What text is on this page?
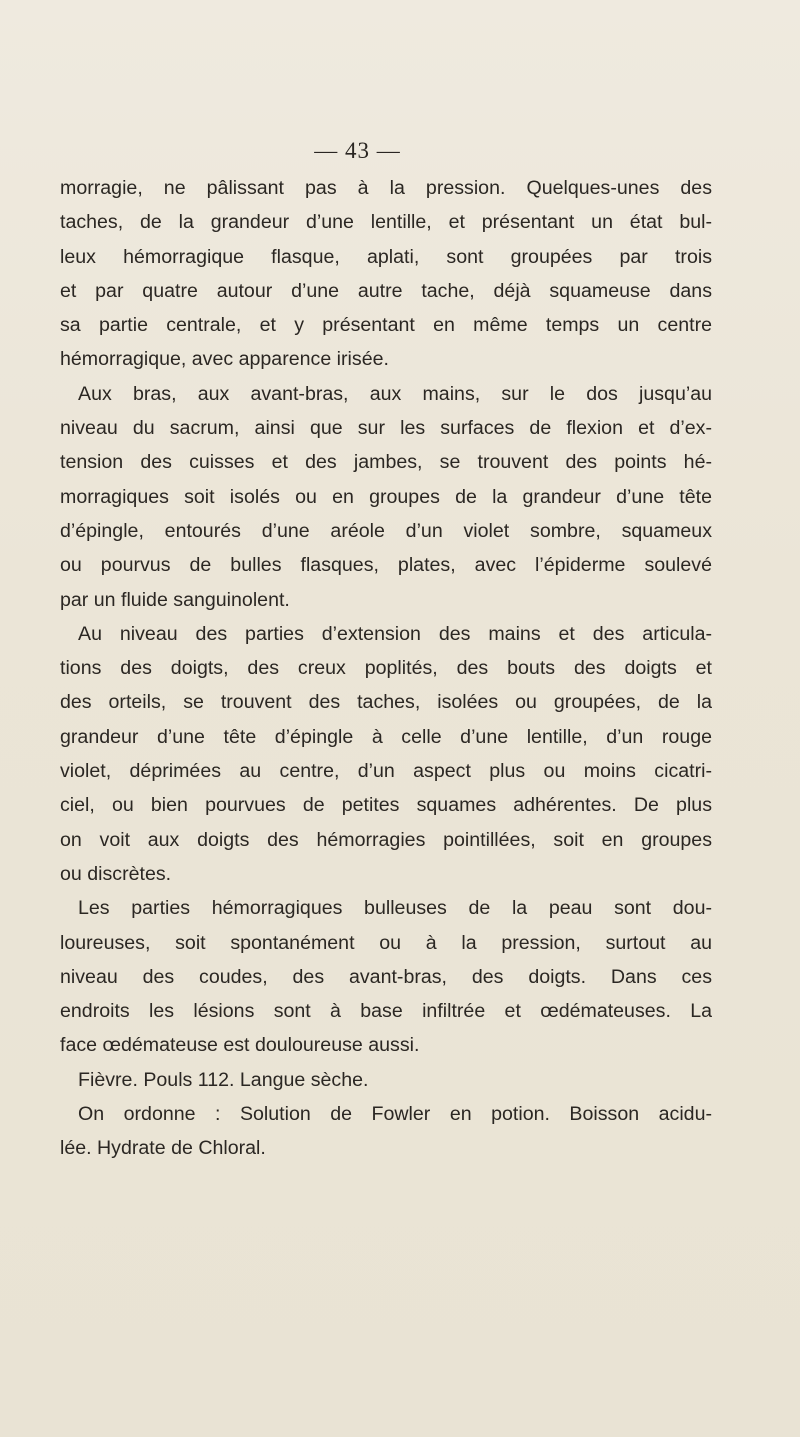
— 43 —
morragie, ne pâlissant pas à la pression. Quelques-unes des
taches, de la grandeur d’une lentille, et présentant un état bul-
leux hémorragique flasque, aplati, sont groupées par trois
et par quatre autour d’une autre tache, déjà squameuse dans
sa partie centrale, et y présentant en même temps un centre
hémorragique, avec apparence irisée.
Aux bras, aux avant-bras, aux mains, sur le dos jusqu’au
niveau du sacrum, ainsi que sur les surfaces de flexion et d’ex-
tension des cuisses et des jambes, se trouvent des points hé-
morragiques soit isolés ou en groupes de la grandeur d’une tête
d’épingle, entourés d’une aréole d’un violet sombre, squameux
ou pourvus de bulles flasques, plates, avec l’épiderme soulevé
par un fluide sanguinolent.
Au niveau des parties d’extension des mains et des articula-
tions des doigts, des creux poplités, des bouts des doigts et
des orteils, se trouvent des taches, isolées ou groupées, de la
grandeur d’une tête d’épingle à celle d’une lentille, d’un rouge
violet, déprimées au centre, d’un aspect plus ou moins cicatri-
ciel, ou bien pourvues de petites squames adhérentes. De plus
on voit aux doigts des hémorragies pointillées, soit en groupes
ou discrètes.
Les parties hémorragiques bulleuses de la peau sont dou-
loureuses, soit spontanément ou à la pression, surtout au
niveau des coudes, des avant-bras, des doigts. Dans ces
endroits les lésions sont à base infiltrée et œdémateuses. La
face œdémateuse est douloureuse aussi.
Fièvre. Pouls 112. Langue sèche.
On ordonne : Solution de Fowler en potion. Boisson acidu-
lée. Hydrate de Chloral.
